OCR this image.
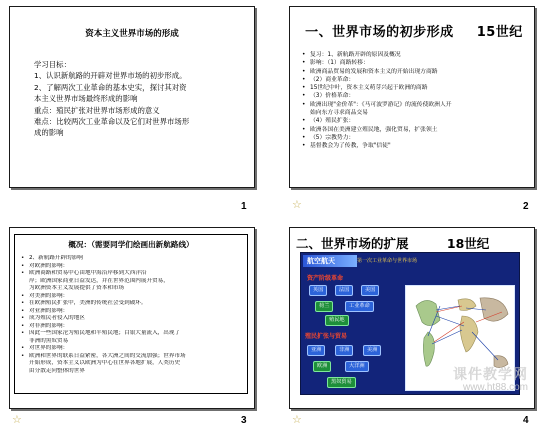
资本主义世界市场的形成
学习目标：
1、认识新航路的开辟对世界市场的初步形成。
2、了解两次工业革命的基本史实，探讨其对资
本主义世界市场最终形成的影响
重点：殖民扩张对世界市场形成的意义
难点：比较两次工业革命以及它们对世界市场形
成的影响
1
一、世界市场的初步形成 15世纪
• 复习：1、新航路开辟的原因及概况
• 影响：（1）商路转移：
• 欧洲商品贸易的发展和资本主义的开始出现方商路
• （2）商业革命：
• 15世纪中叶，资本主义萌芽兴起于欧洲的商路
• （3）价格革命：
• 欧洲出现"金价革"：《马可波罗游记》的流传使欧洲人开
始向东方寻求商品交易
• （4）殖民扩张：
• 欧洲各国在美洲建立殖民地，强化贸易，扩张领土
• （5）宗教势力：
• 基督教会为了传教，争取"信徒"
☆	2
概况：（需要同学们绘画出新航路线）
• 2、新航路开辟的影响
• 对欧洲的影响：
• 欧洲商路和贸易中心由地中海沿岸移到大西洋沿
岸；欧洲国家商业日益发达，并在世界范围内展开贸易，
为欧洲资本主义发展提供了资本和市场
• 对美洲的影响：
• 在欧洲殖民扩张中，美洲的传统社会受到破坏。
• 对亚洲的影响：
• 成为殖民者侵入的地区
• 对非洲的影响：
• 因此一些国家沦为殖民地和半殖民地；白银大量流入，出现了
非洲的黑奴贸易
• 对世界的影响：
• 欧洲和世界的联系日益紧密，各大洲之间的交流加强；世界市场
开始形成，资本主义以欧洲为中心在世界各地扩展，人类历史
由分散走向整体的世界
☆	3
二、世界市场的扩展	18世纪
航空航天	第一次工业革命与世界市场
资产阶级革命
英国	法国	美国
荷兰	工业革命
殖民地
殖民扩张与贸易
亚洲	非洲	美洲
欧洲	大洋洲
黑奴贸易	课件教学网
www.ht88.com
☆	4
